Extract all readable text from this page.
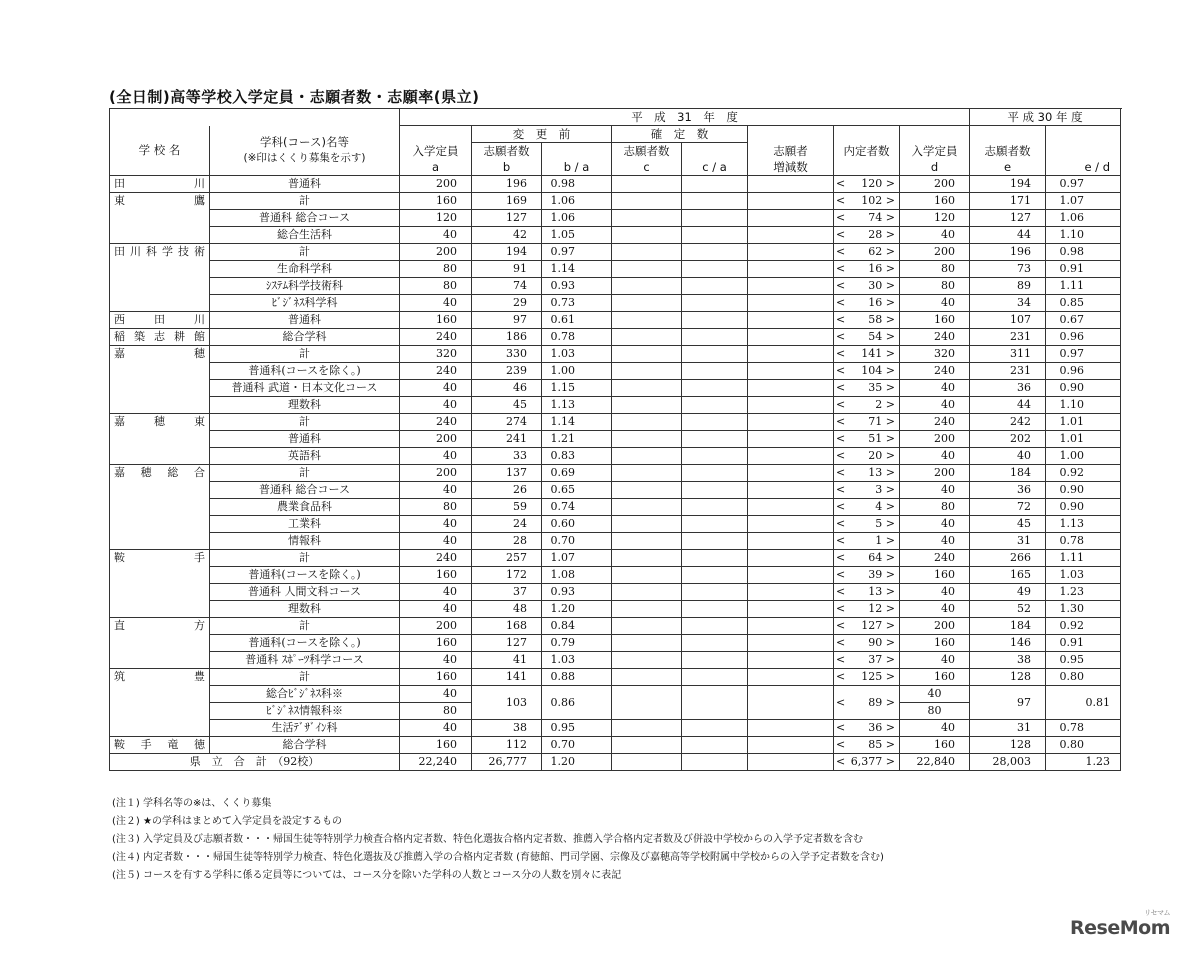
(全日制)高等学校入学定員・志願者数・志願率(県立)
		平　成　31　年　度								平 成 30 年 度	
学 校 名	学科(コース)名等
(※印はくくり募集を示す)		変　更　前		確　定　数						
		入学定員	志願者数		志願者数		志願者	内定者数	入学定員	志願者数	
		a	b	b / a	c	c / a	増減数		d	e	e / d
田　　　川	普通科	200	196	0.98				< 120 >	200	194	0.97
東　　　鷹	計	160	169	1.06				< 102 >	160	171	1.07
	普通科 総合コース	120	127	1.06				< 74 >	120	127	1.06
	総合生活科	40	42	1.05				< 28 >	40	44	1.10
田川科学技術	計	200	194	0.97				< 62 >	200	196	0.98
	生命科学科	80	91	1.14				< 16 >	80	73	0.91
	ｼｽﾃﾑ科学技術科	80	74	0.93				< 30 >	80	89	1.11
	ﾋﾞｼﾞﾈｽ科学科	40	29	0.73				< 16 >	40	34	0.85
西　田　川	普通科	160	97	0.61				< 58 >	160	107	0.67
稲築志耕館	総合学科	240	186	0.78				< 54 >	240	231	0.96
嘉　　　穂	計	320	330	1.03				< 141 >	320	311	0.97
	普通科(コースを除く。)	240	239	1.00				< 104 >	240	231	0.96
	普通科 武道・日本文化コース	40	46	1.15				< 35 >	40	36	0.90
	理数科	40	45	1.13				< 2 >	40	44	1.10
嘉　穂　東	計	240	274	1.14				< 71 >	240	242	1.01
	普通科	200	241	1.21				< 51 >	200	202	1.01
	英語科	40	33	0.83				< 20 >	40	40	1.00
嘉 穂 総 合	計	200	137	0.69				< 13 >	200	184	0.92
	普通科 総合コース	40	26	0.65				< 3 >	40	36	0.90
	農業食品科	80	59	0.74				< 4 >	80	72	0.90
	工業科	40	24	0.60				< 5 >	40	45	1.13
	情報科	40	28	0.70				< 1 >	40	31	0.78
鞍　　　手	計	240	257	1.07				< 64 >	240	266	1.11
	普通科(コースを除く。)	160	172	1.08				< 39 >	160	165	1.03
	普通科 人間文科コース	40	37	0.93				< 13 >	40	49	1.23
	理数科	40	48	1.20				< 12 >	40	52	1.30
直　　　方	計	200	168	0.84				< 127 >	200	184	0.92
	普通科(コースを除く。)	160	127	0.79				< 90 >	160	146	0.91
	普通科 ｽﾎﾟｰﾂ科学コース	40	41	1.03				< 37 >	40	38	0.95
筑　　　豊	計	160	141	0.88				< 125 >	160	128	0.80
	総合ﾋﾞｼﾞﾈｽ科※	40	103	0.86				< 89 >	40	97	0.81
	ﾋﾞｼﾞﾈｽ情報科※	80							80		
	生活ﾃﾞｻﾞｲﾝ科	40	38	0.95				< 36 >	40	31	0.78
鞍 手 竜 徳	総合学科	160	112	0.70				< 85 >	160	128	0.80
県　立　合　計　（92校）		22,240	26,777	1.20				< 6,377 >	22,840	28,003	1.23
(注１) 学科名等の※は、くくり募集
(注２) ★の学科はまとめて入学定員を設定するもの
(注３) 入学定員及び志願者数・・・帰国生徒等特別学力検査合格内定者数、特色化選抜合格内定者数、推薦入学合格内定者数及び併設中学校からの入学予定者数を含む
(注４) 内定者数・・・帰国生徒等特別学力検査、特色化選抜及び推薦入学の合格内定者数 (育徳館、門司学園、宗像及び嘉穂高等学校附属中学校からの入学予定者数を含む)
(注５) コースを有する学科に係る定員等については、コース分を除いた学科の人数とコース分の人数を別々に表記
リセマム
ReseMom
